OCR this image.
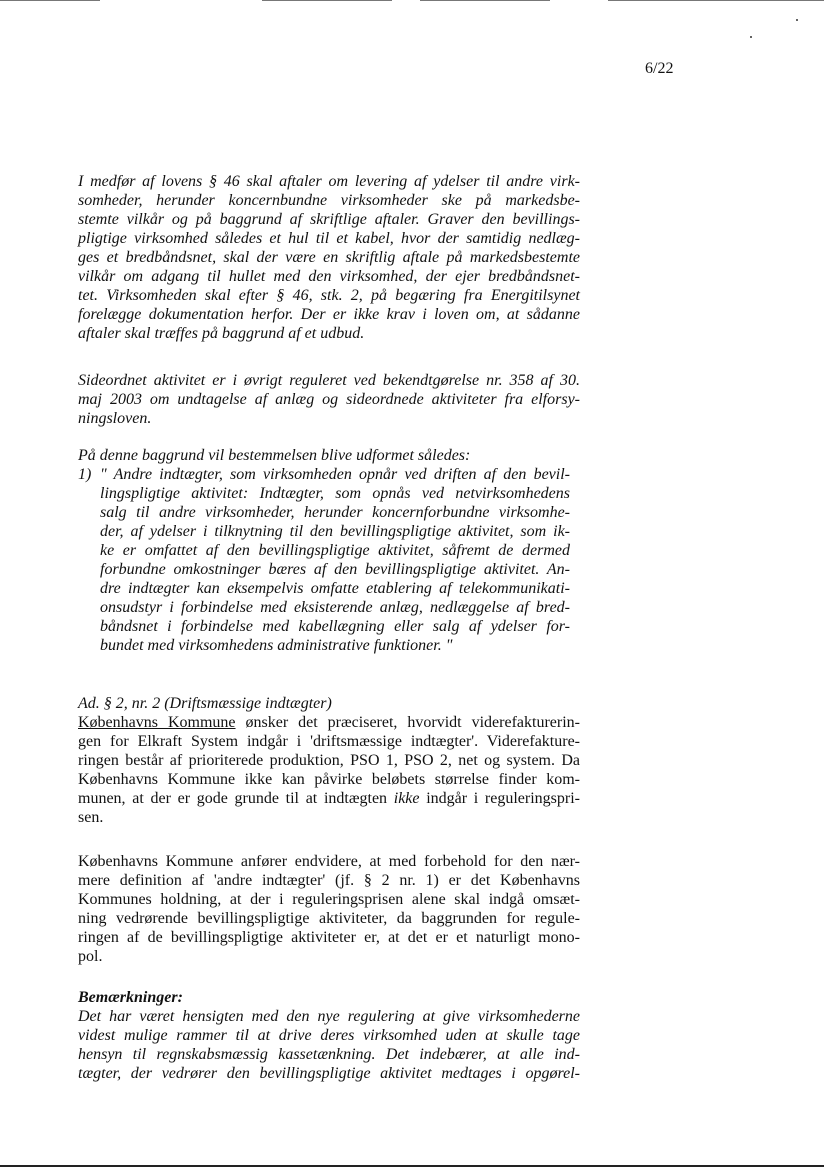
6/22
I medfør af lovens § 46 skal aftaler om levering af ydelser til andre virk-
somheder, herunder koncernbundne virksomheder ske på markedsbe-
stemte vilkår og på baggrund af skriftlige aftaler. Graver den bevillings-
pligtige virksomhed således et hul til et kabel, hvor der samtidig nedlæg-
ges et bredbåndsnet, skal der være en skriftlig aftale på markedsbestemte
vilkår om adgang til hullet med den virksomhed, der ejer bredbåndsnet-
tet. Virksomheden skal efter § 46, stk. 2, på begæring fra Energitilsynet
forelægge dokumentation herfor. Der er ikke krav i loven om, at sådanne
aftaler skal træffes på baggrund af et udbud.
Sideordnet aktivitet er i øvrigt reguleret ved bekendtgørelse nr. 358 af 30.
maj 2003 om undtagelse af anlæg og sideordnede aktiviteter fra elforsy-
ningsloven.
På denne baggrund vil bestemmelsen blive udformet således:
1) " Andre indtægter, som virksomheden opnår ved driften af den bevil-
lingspligtige aktivitet: Indtægter, som opnås ved netvirksomhedens
salg til andre virksomheder, herunder koncernforbundne virksomhe-
der, af ydelser i tilknytning til den bevillingspligtige aktivitet, som ik-
ke er omfattet af den bevillingspligtige aktivitet, såfremt de dermed
forbundne omkostninger bæres af den bevillingspligtige aktivitet. An-
dre indtægter kan eksempelvis omfatte etablering af telekommunikati-
onsudstyr i forbindelse med eksisterende anlæg, nedlæggelse af bred-
båndsnet i forbindelse med kabellægning eller salg af ydelser for-
bundet med virksomhedens administrative funktioner. "
Ad. § 2, nr. 2 (Driftsmæssige indtægter)
Københavns Kommune ønsker det præciseret, hvorvidt viderefakturerin-
gen for Elkraft System indgår i 'driftsmæssige indtægter'. Viderefakture-
ringen består af prioriterede produktion, PSO 1, PSO 2, net og system. Da
Københavns Kommune ikke kan påvirke beløbets størrelse finder kom-
munen, at der er gode grunde til at indtægten ikke indgår i reguleringspri-
sen.
Københavns Kommune anfører endvidere, at med forbehold for den nær-
mere definition af 'andre indtægter' (jf. § 2 nr. 1) er det Københavns
Kommunes holdning, at der i reguleringsprisen alene skal indgå omsæt-
ning vedrørende bevillingspligtige aktiviteter, da baggrunden for regule-
ringen af de bevillingspligtige aktiviteter er, at det er et naturligt mono-
pol.
Bemærkninger:
Det har været hensigten med den nye regulering at give virksomhederne
videst mulige rammer til at drive deres virksomhed uden at skulle tage
hensyn til regnskabsmæssig kassetænkning. Det indebærer, at alle ind-
tægter, der vedrører den bevillingspligtige aktivitet medtages i opgørel-
